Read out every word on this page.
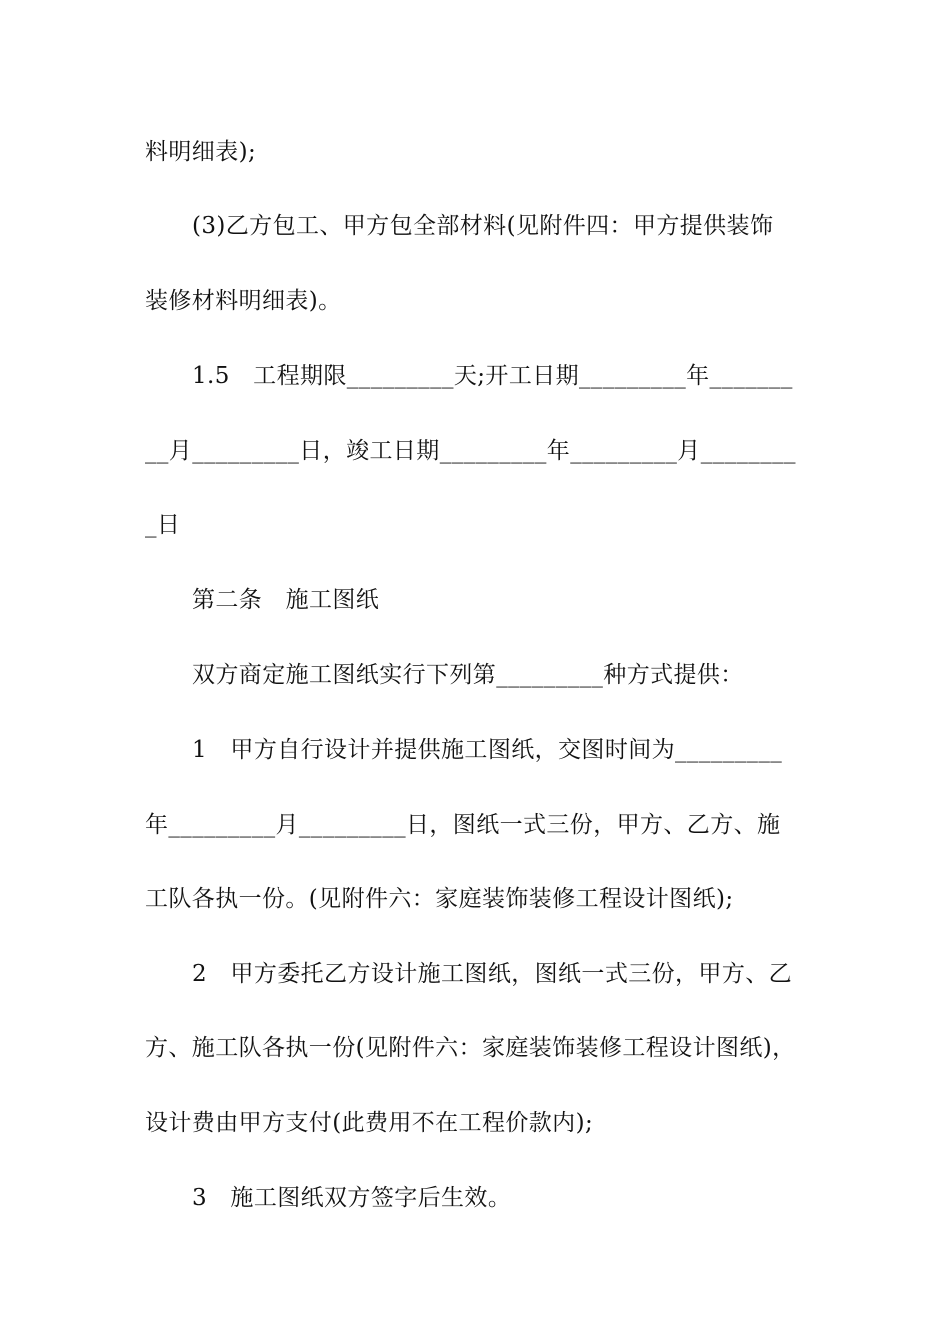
料明细表);
(3)乙方包工、甲方包全部材料(见附件四：甲方提供装饰
装修材料明细表)。
1.5　工程期限_________天;开工日期_________年_______
__月_________日，竣工日期_________年_________月________
_日
第二条　施工图纸
双方商定施工图纸实行下列第_________种方式提供：
1　甲方自行设计并提供施工图纸，交图时间为_________
年_________月_________日，图纸一式三份，甲方、乙方、施
工队各执一份。(见附件六：家庭装饰装修工程设计图纸);
2　甲方委托乙方设计施工图纸，图纸一式三份，甲方、乙
方、施工队各执一份(见附件六：家庭装饰装修工程设计图纸)，
设计费由甲方支付(此费用不在工程价款内);
3　施工图纸双方签字后生效。
